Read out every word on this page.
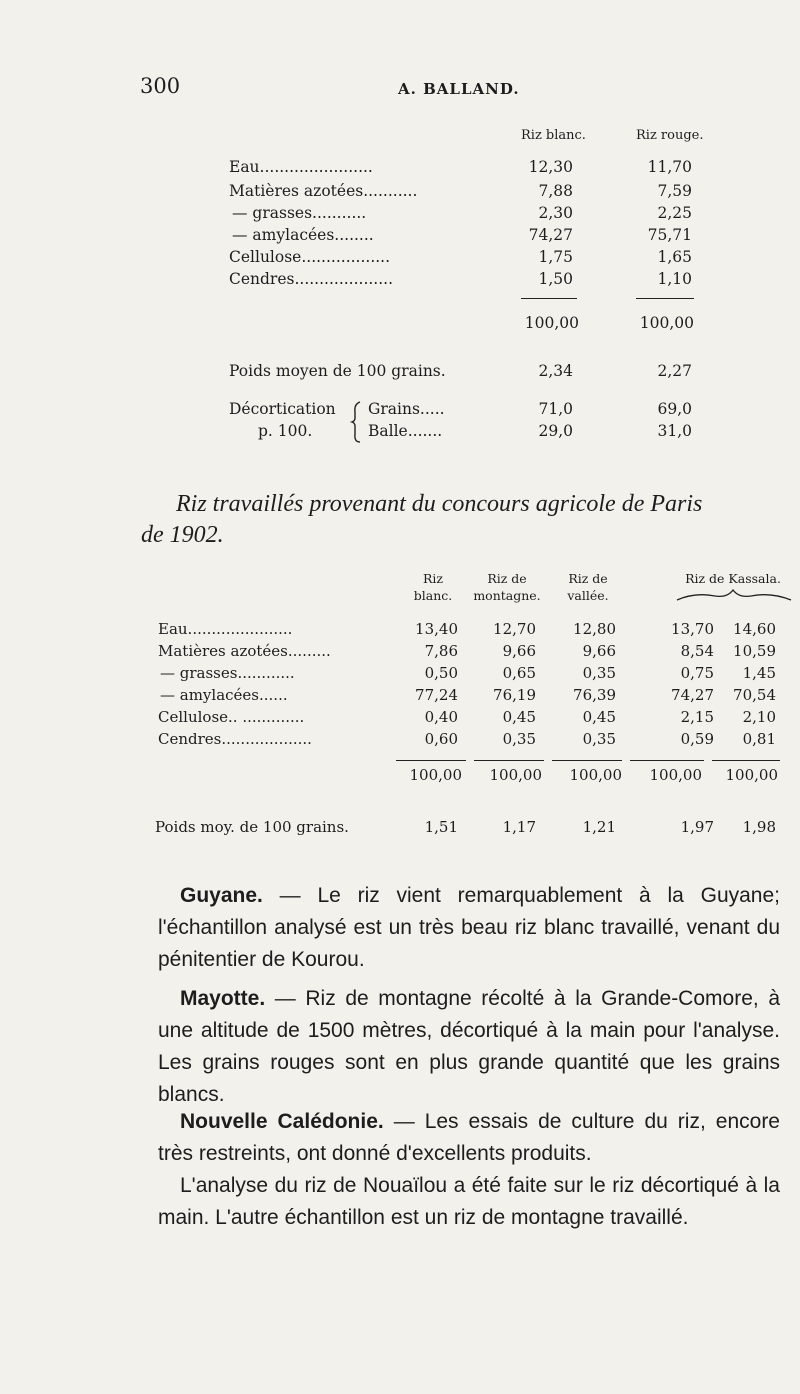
300	A. BALLAND.
Riz blanc.	Riz rouge.
Eau.......................	12,30	11,70
Matières azotées...........	7,88	7,59
— grasses...........	2,30	2,25
— amylacées........	74,27	75,71
Cellulose..................	1,75	1,65
Cendres....................	1,50	1,10
100,00	100,00
Poids moyen de 100 grains.	2,34	2,27
Décortication
p. 100.
Grains.....	71,0	69,0
Balle.......	29,0	31,0
Riz travaillés provenant du concours agricole de Paris
de 1902.
Riz blanc.
Riz de montagne.
Riz de vallée.
Riz de Kassala.
Eau......................	13,40	12,70	12,80	13,70	14,60
Matières azotées.........	7,86	9,66	9,66	8,54	10,59
— grasses............	0,50	0,65	0,35	0,75	1,45
— amylacées......	77,24	76,19	76,39	74,27	70,54
Cellulose.. .............	0,40	0,45	0,45	2,15	2,10
Cendres...................	0,60	0,35	0,35	0,59	0,81
100,00	100,00	100,00	100,00	100,00
Poids moy. de 100 grains.	1,51	1,17	1,21	1,97	1,98

Guyane. — Le riz vient remarquablement à la Guyane; l'échantillon analysé est un très beau riz blanc travaillé, venant du pénitentier de Kourou.

Mayotte. — Riz de montagne récolté à la Grande-Comore, à une altitude de 1500 mètres, décortiqué à la main pour l'analyse. Les grains rouges sont en plus grande quantité que les grains blancs.

Nouvelle Calédonie. — Les essais de culture du riz, encore très restreints, ont donné d'excellents produits.

L'analyse du riz de Nouaïlou a été faite sur le riz décortiqué à la main. L'autre échantillon est un riz de montagne travaillé.
